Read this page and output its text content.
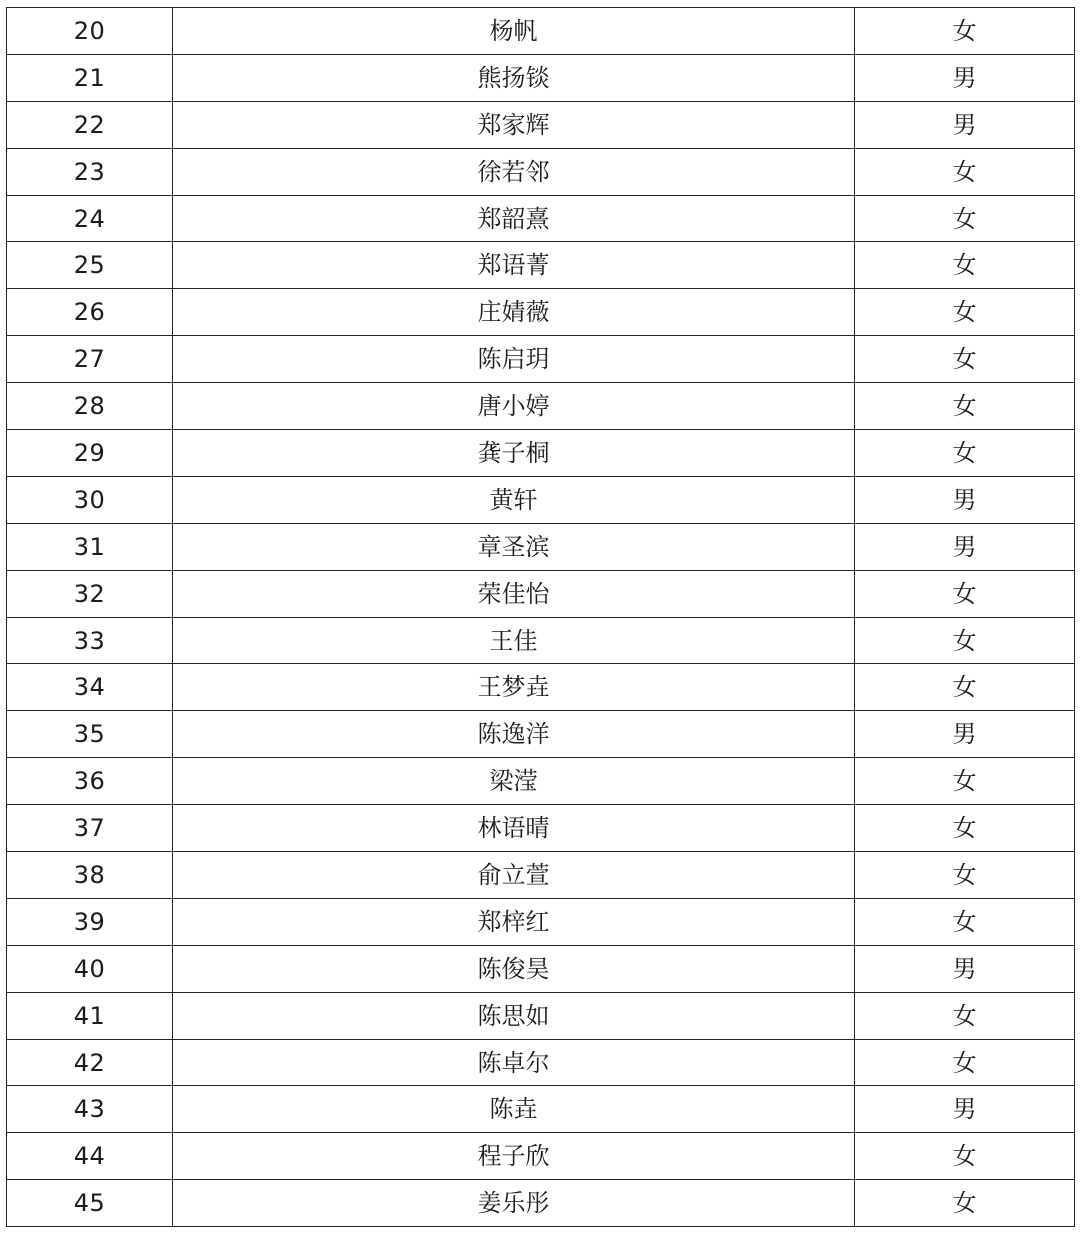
20	杨帆	女
21	熊扬锬	男
22	郑家辉	男
23	徐若邻	女
24	郑韶熹	女
25	郑语菁	女
26	庄婧薇	女
27	陈启玥	女
28	唐小婷	女
29	龚子桐	女
30	黄轩	男
31	章圣滨	男
32	荣佳怡	女
33	王佳	女
34	王梦垚	女
35	陈逸洋	男
36	梁滢	女
37	林语晴	女
38	俞立萱	女
39	郑梓红	女
40	陈俊昊	男
41	陈思如	女
42	陈卓尔	女
43	陈垚	男
44	程子欣	女
45	姜乐彤	女
